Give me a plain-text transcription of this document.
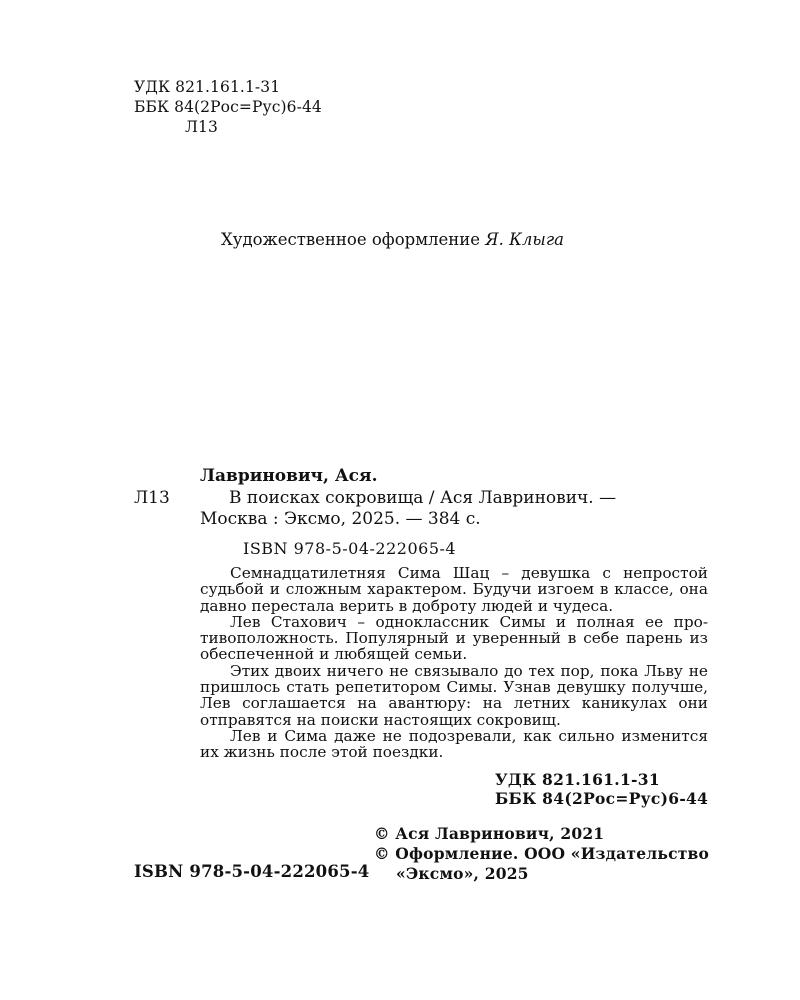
УДК 821.161.1-31
ББК 84(2Рос=Рус)6-44
Л13
Художественное оформление Я. Клыга
Лавринович, Ася.
Л13	В поисках сокровища / Ася Лавринович. —
Москва : Эксмо, 2025. — 384 с.
ISBN 978-5-04-222065-4

Семнадцатилетняя Сима Шац – девушка с непростой судьбой и сложным характером. Будучи изгоем в классе, она давно перестала верить в доброту людей и чудеса.

Лев Стахович – одноклассник Симы и полная ее противоположность. Популярный и уверенный в себе парень из обеспеченной и любящей семьи.

Этих двоих ничего не связывало до тех пор, пока Льву не пришлось стать репетитором Симы. Узнав девушку получше, Лев соглашается на авантюру: на летних каникулах они отправятся на поиски настоящих сокровищ.

Лев и Сима даже не подозревали, как сильно изменится их жизнь после этой поездки.

УДК 821.161.1-31
ББК 84(2Рос=Рус)6-44
© Ася Лавринович, 2021
© Оформление. ООО «Издательство
«Эксмо», 2025
ISBN 978-5-04-222065-4
